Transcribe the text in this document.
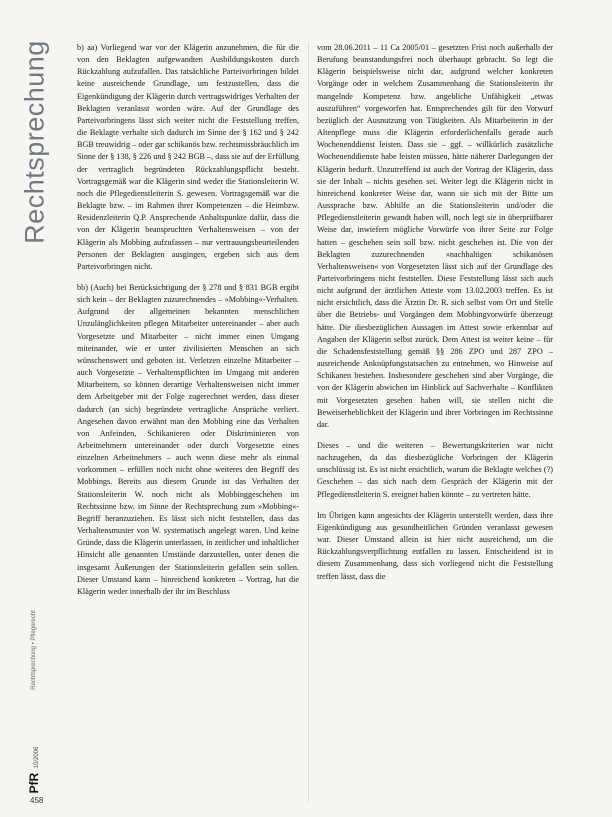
Rechtsprechung
Rechtsprechung • Pflegerecht
PfR 10/2006
458

b) aa) Vorliegend war vor der Klägerin anzunehmen, die für die von den Beklagten aufgewandten Ausbildungskosten durch Rückzahlung aufzufallen. Das tatsächliche Parteivorbringen bildet keine ausreichende Grundlage, um festzustellen, dass die Eigenkündigung der Klägerin durch vertragswidriges Verhalten der Beklagten veranlasst worden wäre. Auf der Grundlage des Parteivorbringens lässt sich weiter nicht die Feststellung treffen, die Beklagte verhalte sich dadurch im Sinne der § 162 und § 242 BGB treuwidrig – oder gar schikanös bzw. rechtsmissbräuchlich im Sinne der § 138, § 226 und § 242 BGB –, dass sie auf der Erfüllung der vertraglich begründeten Rückzahlungspflicht besteht. Vortragsgemäß war die Klägerin sind weder die Stationsleiterin W. noch die Pflegedienstleiterin S. gewesen. Vortragsgemäß war die Beklagte bzw. – im Rahmen ihrer Kompetenzen – die Heimbzw. Residenzleiterin Q.P. Ansprechende Anhaltspunkte dafür, dass die von der Klägerin beanspruchten Verhaltensweisen – von der Klägerin als Mobbing aufzufassen – nur vertrauungsbeurteilenden Personen der Beklagten ausgingen, ergeben sich aus dem Parteivorbringen nicht.

bb) (Auch) bei Berücksichtigung der § 278 und § 831 BGB ergibt sich kein – der Beklagten zuzurechnendes – »Mobbing«-Verhalten. Aufgrund der allgemeinen bekannten menschlichen Unzulänglichkeiten pflegen Mitarbeiter untereinander – aber auch Vorgesetzte und Mitarbeiter – nicht immer einen Umgang miteinander, wie er unter zivilisierten Menschen an sich wünschenswert und geboten ist. Verletzen einzelne Mitarbeiter – auch Vorgesetzte – Verhaltenspflichten im Umgang mit anderen Mitarbeitern, so können derartige Verhaltensweisen nicht immer dem Arbeitgeber mit der Folge zugerechnet werden, dass dieser dadurch (an sich) begründete vertragliche Ansprüche verliert. Angesehen davon erwähnt man den Mobbing eine das Verhalten von Anfeinden, Schikanieren oder Diskriminieren von Arbeitnehmern untereinander oder durch Vorgesetzte eines einzelnen Arbeitnehmers – auch wenn diese mehr als einmal vorkommen – erfüllen noch nicht ohne weiteres den Begriff des Mobbings. Bereits aus diesem Grunde ist das Verhalten der Stationsleiterin W. noch nicht als Mobbinggeschehen im Rechtssinne bzw. im Sinne der Rechtsprechung zum »Mobbing«-Begriff heranzuziehen. Es lässt sich nicht feststellen, dass das Verhaltensmuster von W. systematisch angelegt waren. Und keine Gründe, dass die Klägerin unterlassen, in zeitlicher und inhaltlicher Hinsicht alle genannten Umstände darzustellen, unter denen die insgesamt Äußerungen der Stationsleiterin gefallen sein sollen. Dieser Umstand kann – hinreichend konkreten – Vortrag, hat die Klägerin weder innerhalb der ihr im Beschluss

vom 28.06.2011 – 11 Ca 2005/01 – gesetzten Frist noch außerhalb der Berufung beanstandungsfrei noch überhaupt gebracht. So legt die Klägerin beispielsweise nicht dar, aufgrund welcher konkreten Vorgänge oder in welchem Zusammenhang die Stationsleiterin ihr mangelnde Kompetenz bzw. angebliche Unfähigkeit „etwas auszuführen“ vorgeworfen hat. Entsprechendes gilt für den Vorwurf bezüglich der Ausnutzung von Tätigkeiten. Als Mitarbeiterin in der Altenpflege muss die Klägerin erforderlichenfalls gerade auch Wochenenddienst leisten. Dass sie – ggf. – willkürlich zusätzliche Wochenenddienste habe leisten müssen, hätte näherer Darlegungen der Klägerin bedurft. Unzutreffend ist auch der Vortrag der Klägerin, dass sie der Inhalt – nichts gesehen sei. Weiter legt die Klägerin nicht in hinreichend konkreter Weise dar, wann sie sich mit der Bitte um Aussprache bzw. Abhilfe an die Stationsleiterin und/oder die Pflegedienstleiterin gewandt haben will, noch legt sie in überprüfbarer Weise dar, inwiefern mögliche Vorwürfe von ihrer Seite zur Folge hatten – geschehen sein soll bzw. nicht geschehen ist. Die von der Beklagten zuzurechnenden »nachhaltigen schikanösen Verhaltensweisen« von Vorgesetzten lässt sich auf der Grundlage des Parteivorbringens nicht feststellen. Diese Feststellung lässt sich auch nicht aufgrund der ärztlichen Atteste vom 13.02.2003 treffen. Es ist nicht ersichtlich, dass die Ärztin Dr. R. sich selbst vom Ort und Stelle über die Betriebs- und Vorgängen dem Mobbingvorwürfe überzeugt hätte. Die diesbezüglichen Aussagen im Attest sowie erkennbar auf Angaben der Klägerin selbst zurück. Dem Attest ist weiter keine – für die Schadensfeststellung gemäß §§ 286 ZPO und 287 ZPO – ausreichende Anknüpfungstatsachen zu entnehmen, wo Hinweise auf Schikanen bestehen. Insbesondere geschehen sind aber Vorgänge, die von der Klägerin abwichen im Hinblick auf Sachverhalte – Konflikten mit Vorgesetzten gesehen haben will, sie stellen nicht die Beweiserheblichkeit der Klägerin und ihrer Vorbringen im Rechtssinne dar.

Dieses – und die weiteren – Bewertungskriterien war nicht nachzugehen, da das diesbezügliche Vorbringen der Klägerin unschlüssig ist. Es ist nicht ersichtlich, warum die Beklagte welches (?) Geschehen – das sich nach dem Gespräch der Klägerin mit der Pflegedienstleiterin S. ereignet haben könnte – zu vertreten hätte.

Im Übrigen kann angesichts der Klägerin unterstellt werden, dass ihre Eigenkündigung aus gesundheitlichen Gründen veranlasst gewesen war. Dieser Umstand allein ist hier nicht ausreichend, um die Rückzahlungsverpflichtung entfallen zu lassen. Entscheidend ist in diesem Zusammenhang, dass sich vorliegend nicht die Feststellung treffen lässt, dass die
